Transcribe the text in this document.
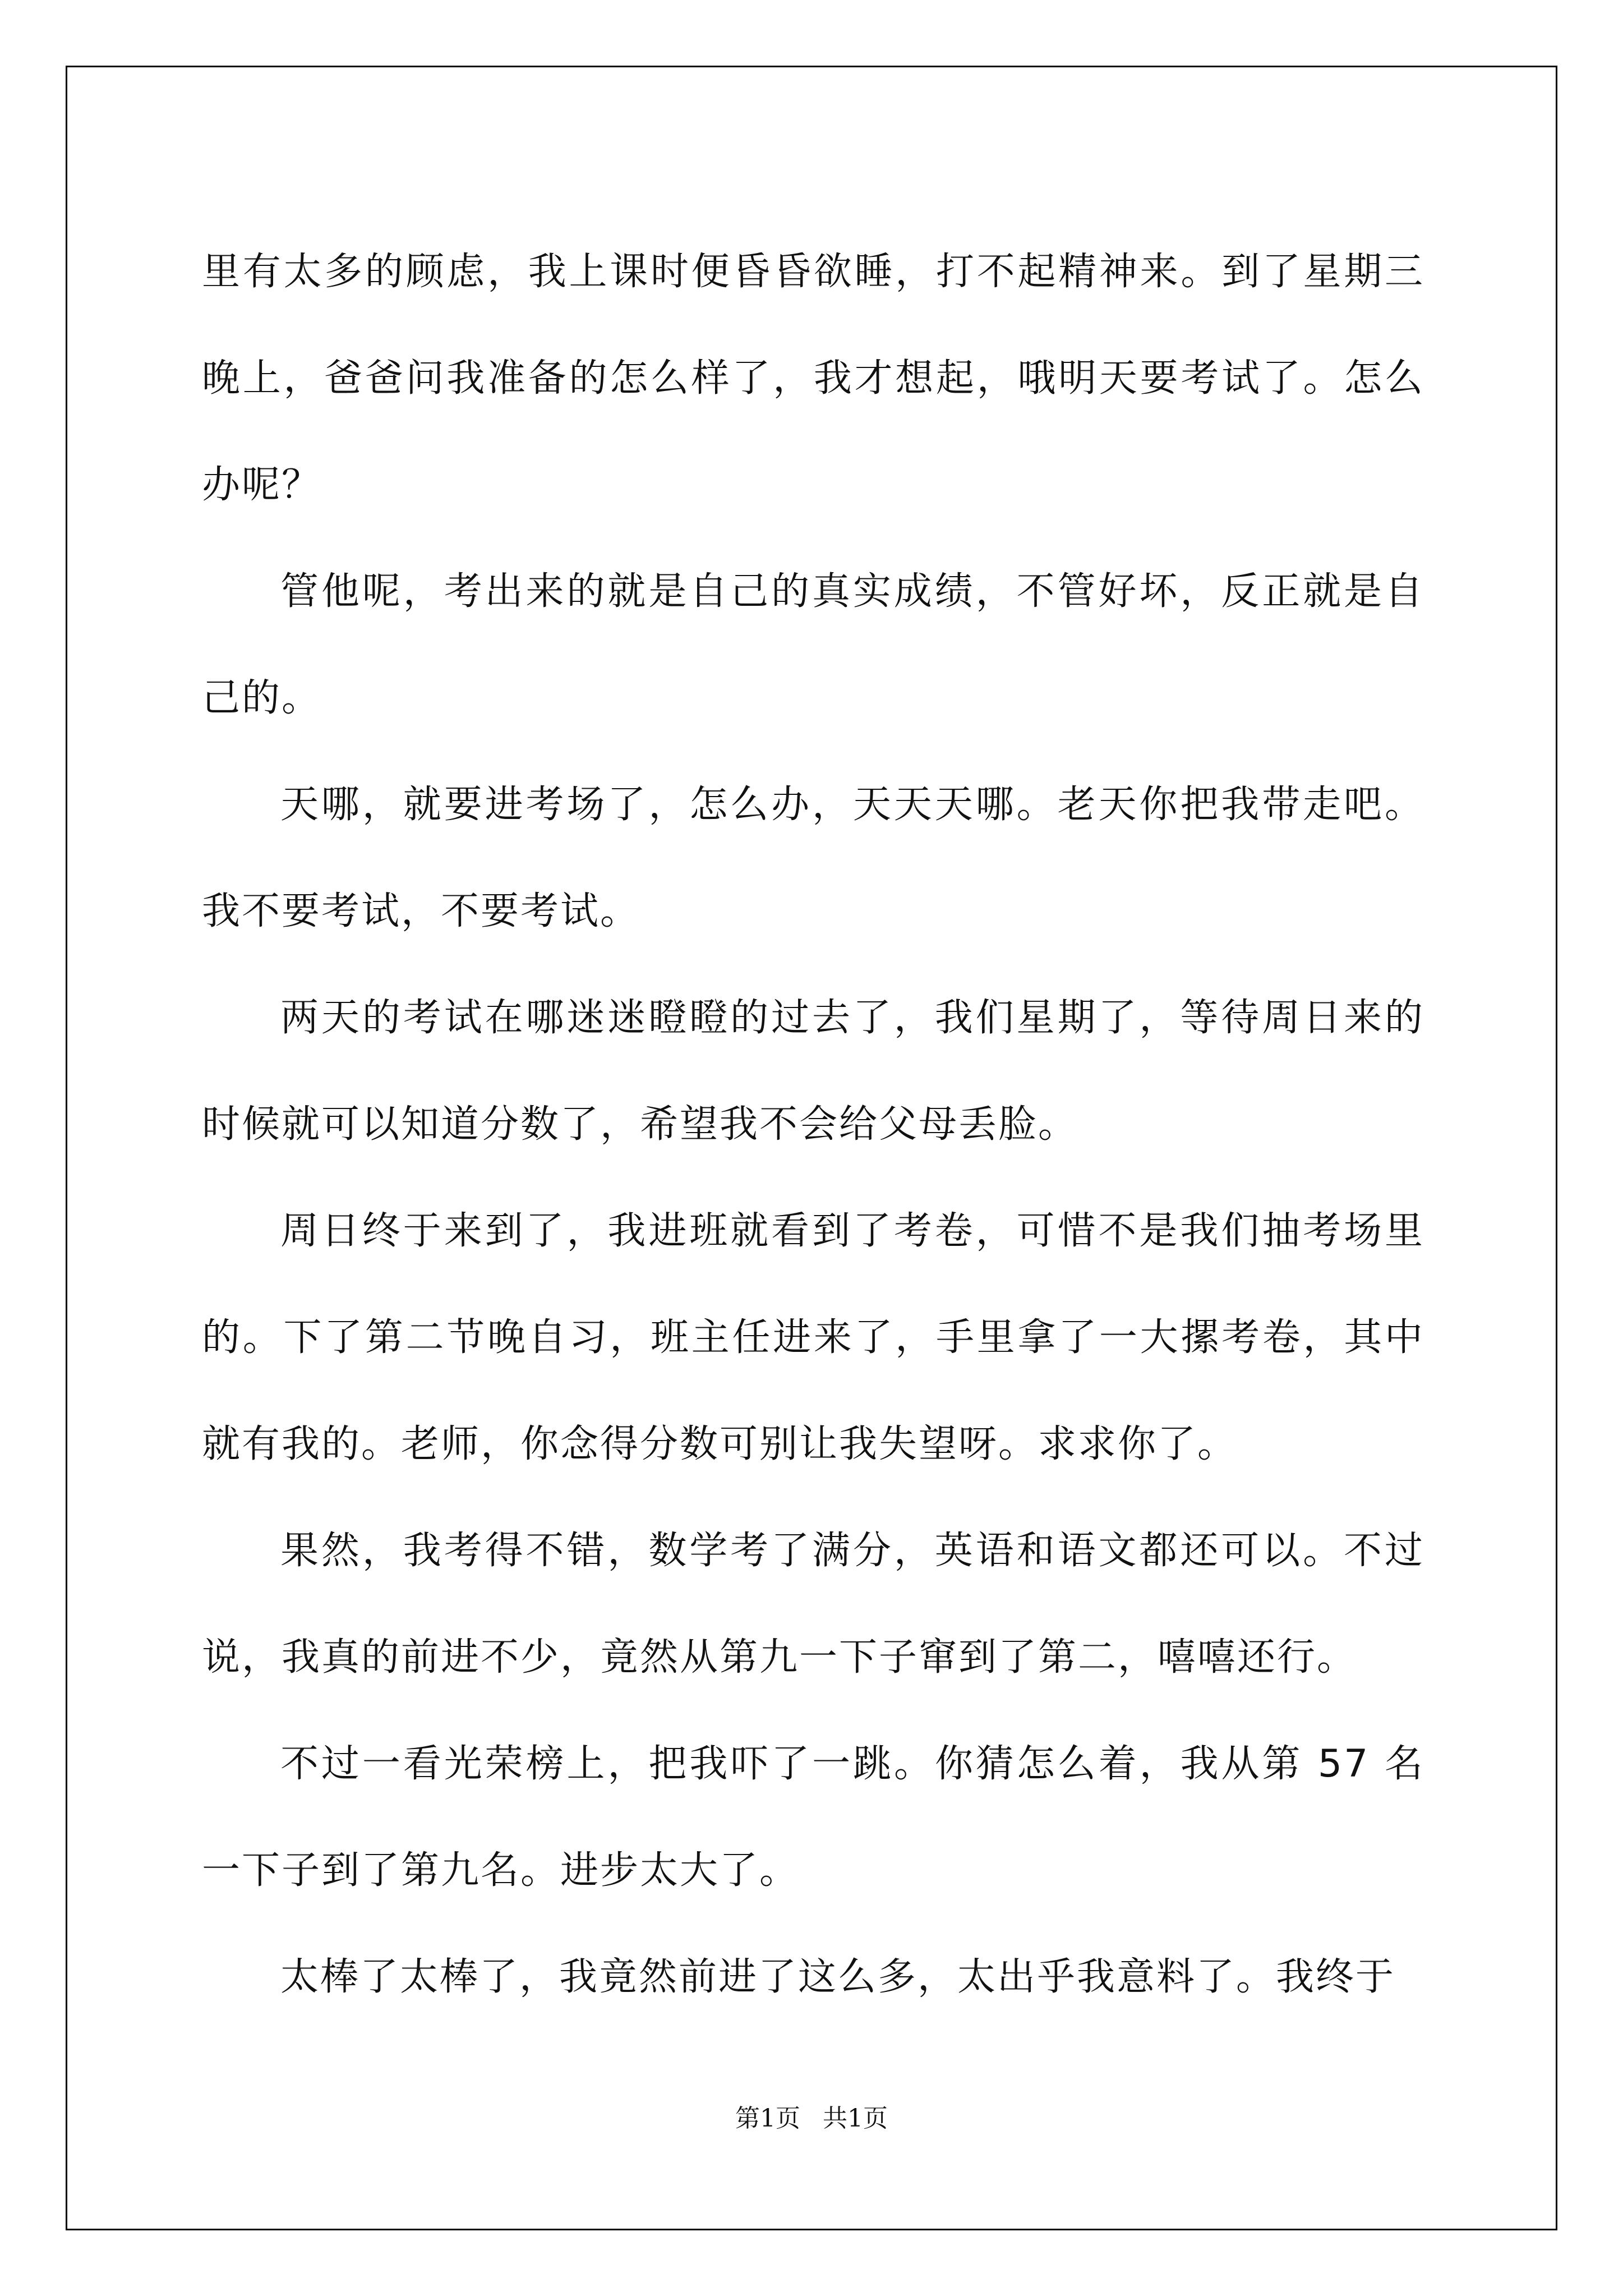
里有太多的顾虑，我上课时便昏昏欲睡，打不起精神来。到了星期三晚上，爸爸问我准备的怎么样了，我才想起，哦明天要考试了。怎么办呢？

管他呢，考出来的就是自己的真实成绩，不管好坏，反正就是自己的。

天哪，就要进考场了，怎么办，天天天哪。老天你把我带走吧。我不要考试，不要考试。

两天的考试在哪迷迷瞪瞪的过去了，我们星期了，等待周日来的时候就可以知道分数了，希望我不会给父母丢脸。

周日终于来到了，我进班就看到了考卷，可惜不是我们抽考场里的。下了第二节晚自习，班主任进来了，手里拿了一大摞考卷，其中就有我的。老师，你念得分数可别让我失望呀。求求你了。

果然，我考得不错，数学考了满分，英语和语文都还可以。不过说，我真的前进不少，竟然从第九一下子窜到了第二，嘻嘻还行。

不过一看光荣榜上，把我吓了一跳。你猜怎么着，我从第 57 名一下子到了第九名。进步太大了。

太棒了太棒了，我竟然前进了这么多，太出乎我意料了。我终于

第1页 共1页
